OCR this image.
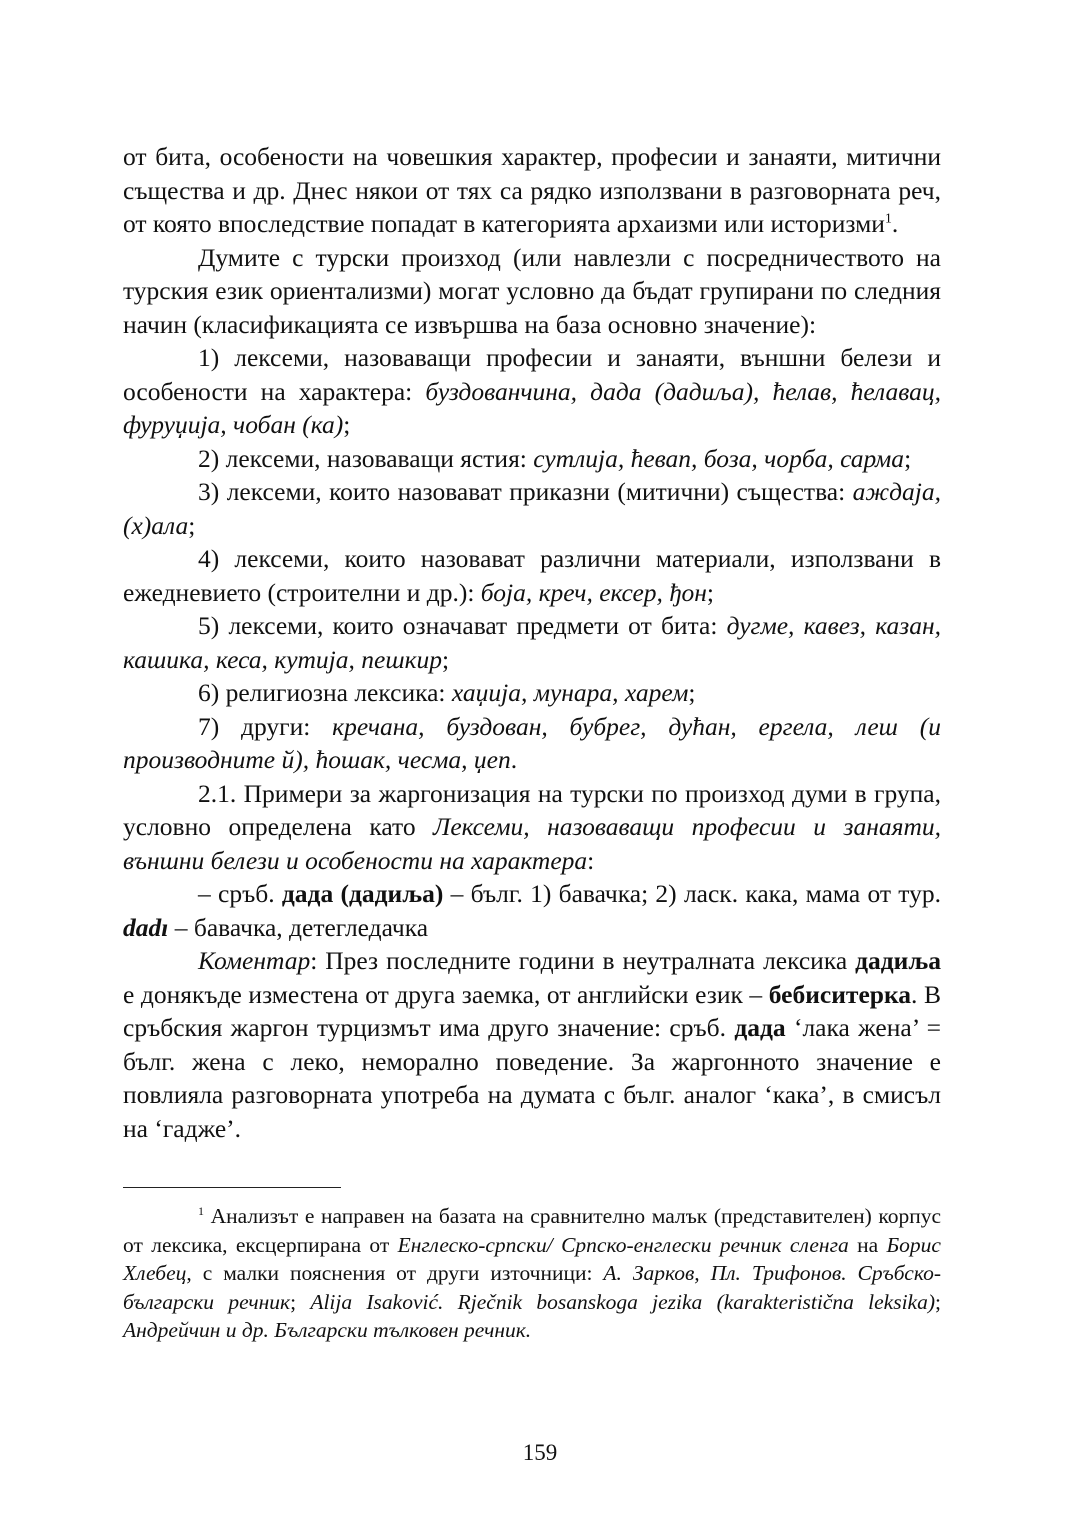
от бита, особености на човешкия характер, професии и занаяти, митични същества и др. Днес някои от тях са рядко използвани в разговорната реч, от която впоследствие попадат в категорията архаизми или историзми$^1$.

Думите с турски произход (или навлезли с посредничеството на турския език ориентализми) могат условно да бъдат групирани по следния начин (класификацията се извършва на база основно значение):

1) лексеми, назоваващи професии и занаяти, външни белези и особености на характера: буздованчина, дада (дадиља), ћелав, ћелавац, фуруџија, чобан (ка);

2) лексеми, назоваващи ястия: сутлија, ћевап, боза, чорба, сарма;

3) лексеми, които назовават приказни (митични) същества: аждаја, (х)ала;

4) лексеми, които назовават различни материали, използвани в ежедневието (строителни и др.): боја, креч, ексер, ђон;

5) лексеми, които означават предмети от бита: дугме, кавез, казан, кашика, кеса, кутија, пешкир;

6) религиозна лексика: хаџија, мунара, харем;

7) други: кречана, буздован, бубрег, дућан, ергела, леш (и производните й), ћошак, чесма, џеп.

2.1. Примери за жаргонизация на турски по произход думи в група, условно определена като Лексеми, назоваващи професии и занаяти, външни белези и особености на характера:

– сръб. дада (дадиља) – бълг. 1) бавачка; 2) ласк. кака, мама от тур. dadı – бавачка, детегледачка

Коментар: През последните години в неутралната лексика дадиља е донякъде изместена от друга заемка, от английски език – бебиситерка. В сръбския жаргон турцизмът има друго значение: сръб. дада ‘лака жена’ = бълг. жена с леко, неморално поведение. За жаргонното значение е повлияла разговорната употреба на думата с бълг. аналог ‘кака’, в смисъл на ‘гадже’.

$^1$ Анализът е направен на базата на сравнително малък (представителен) корпус от лексика, ексцерпирана от Енглеско-српски/ Српско-енглески речник сленга на Борис Хлебец, с малки пояснения от други източници: А. Зарков, Пл. Трифонов. Сръбско-български речник; Alija Isaković. Rječnik bosanskoga jezika (karakteristična leksika); Андрейчин и др. Български тълковен речник.

159
